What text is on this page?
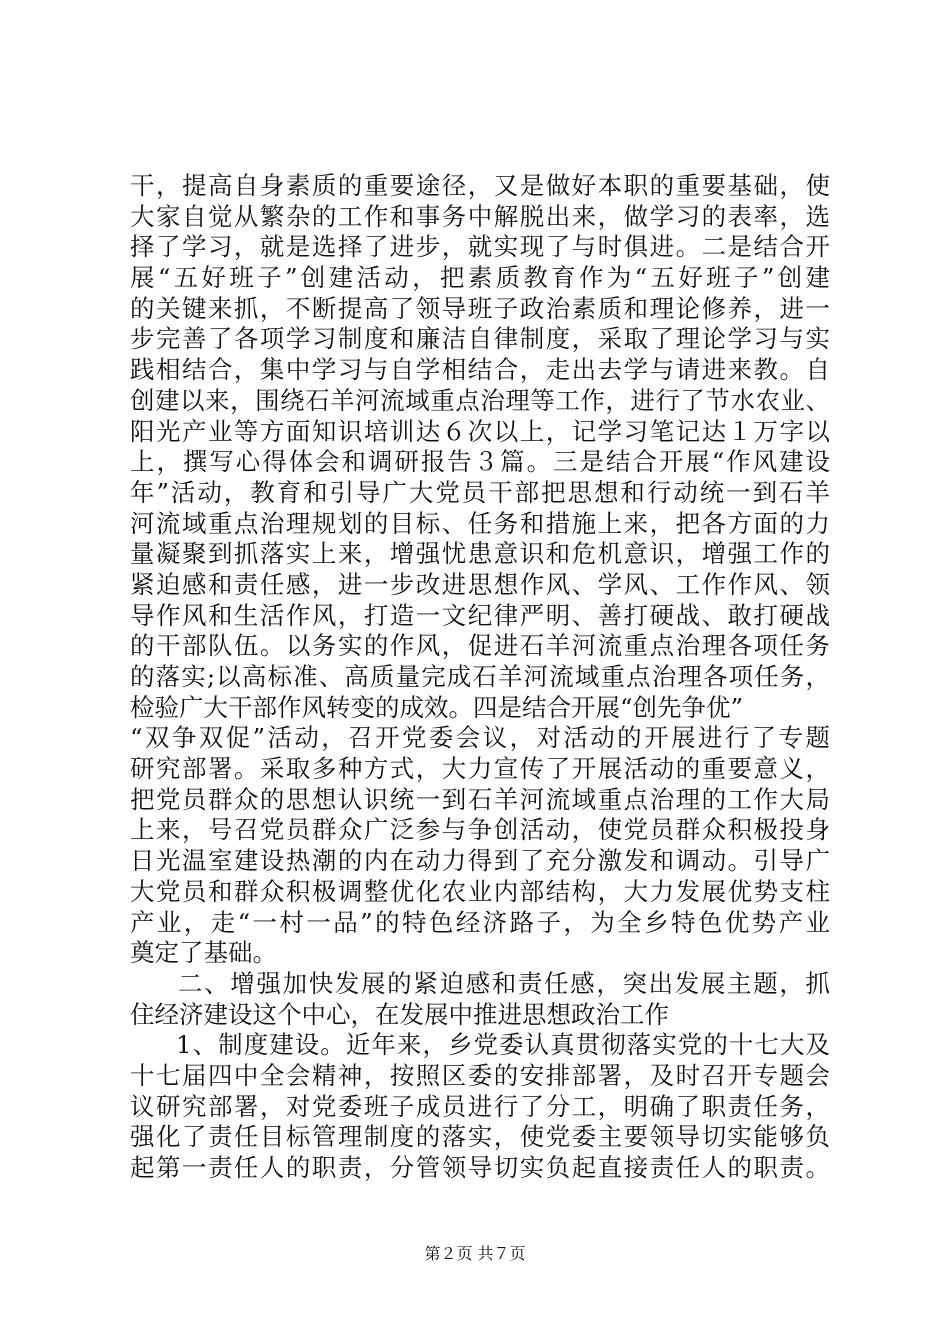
干，提高自身素质的重要途径，又是做好本职的重要基础，使
大家自觉从繁杂的工作和事务中解脱出来，做学习的表率，选
择了学习，就是选择了进步，就实现了与时俱进。二是结合开
展“五好班子”创建活动，把素质教育作为“五好班子”创建
的关键来抓，不断提高了领导班子政治素质和理论修养，进一
步完善了各项学习制度和廉洁自律制度，采取了理论学习与实
践相结合，集中学习与自学相结合，走出去学与请进来教。自
创建以来，围绕石羊河流域重点治理等工作，进行了节水农业、
阳光产业等方面知识培训达６次以上，记学习笔记达１万字以
上，撰写心得体会和调研报告３篇。三是结合开展“作风建设
年”活动，教育和引导广大党员干部把思想和行动统一到石羊
河流域重点治理规划的目标、任务和措施上来，把各方面的力
量凝聚到抓落实上来，增强忧患意识和危机意识，增强工作的
紧迫感和责任感，进一步改进思想作风、学风、工作作风、领
导作风和生活作风，打造一文纪律严明、善打硬战、敢打硬战
的干部队伍。以务实的作风，促进石羊河流重点治理各项任务
的落实;以高标准、高质量完成石羊河流域重点治理各项任务，
检验广大干部作风转变的成效。四是结合开展“创先争优”
“双争双促”活动，召开党委会议，对活动的开展进行了专题
研究部署。采取多种方式，大力宣传了开展活动的重要意义，
把党员群众的思想认识统一到石羊河流域重点治理的工作大局
上来，号召党员群众广泛参与争创活动，使党员群众积极投身
日光温室建设热潮的内在动力得到了充分激发和调动。引导广
大党员和群众积极调整优化农业内部结构，大力发展优势支柱
产业，走“一村一品”的特色经济路子，为全乡特色优势产业
奠定了基础。
二、增强加快发展的紧迫感和责任感，突出发展主题，抓
住经济建设这个中心，在发展中推进思想政治工作
1、制度建设。近年来，乡党委认真贯彻落实党的十七大及
十七届四中全会精神，按照区委的安排部署，及时召开专题会
议研究部署，对党委班子成员进行了分工，明确了职责任务，
强化了责任目标管理制度的落实，使党委主要领导切实能够负
起第一责任人的职责，分管领导切实负起直接责任人的职责。
第２页 共７页
